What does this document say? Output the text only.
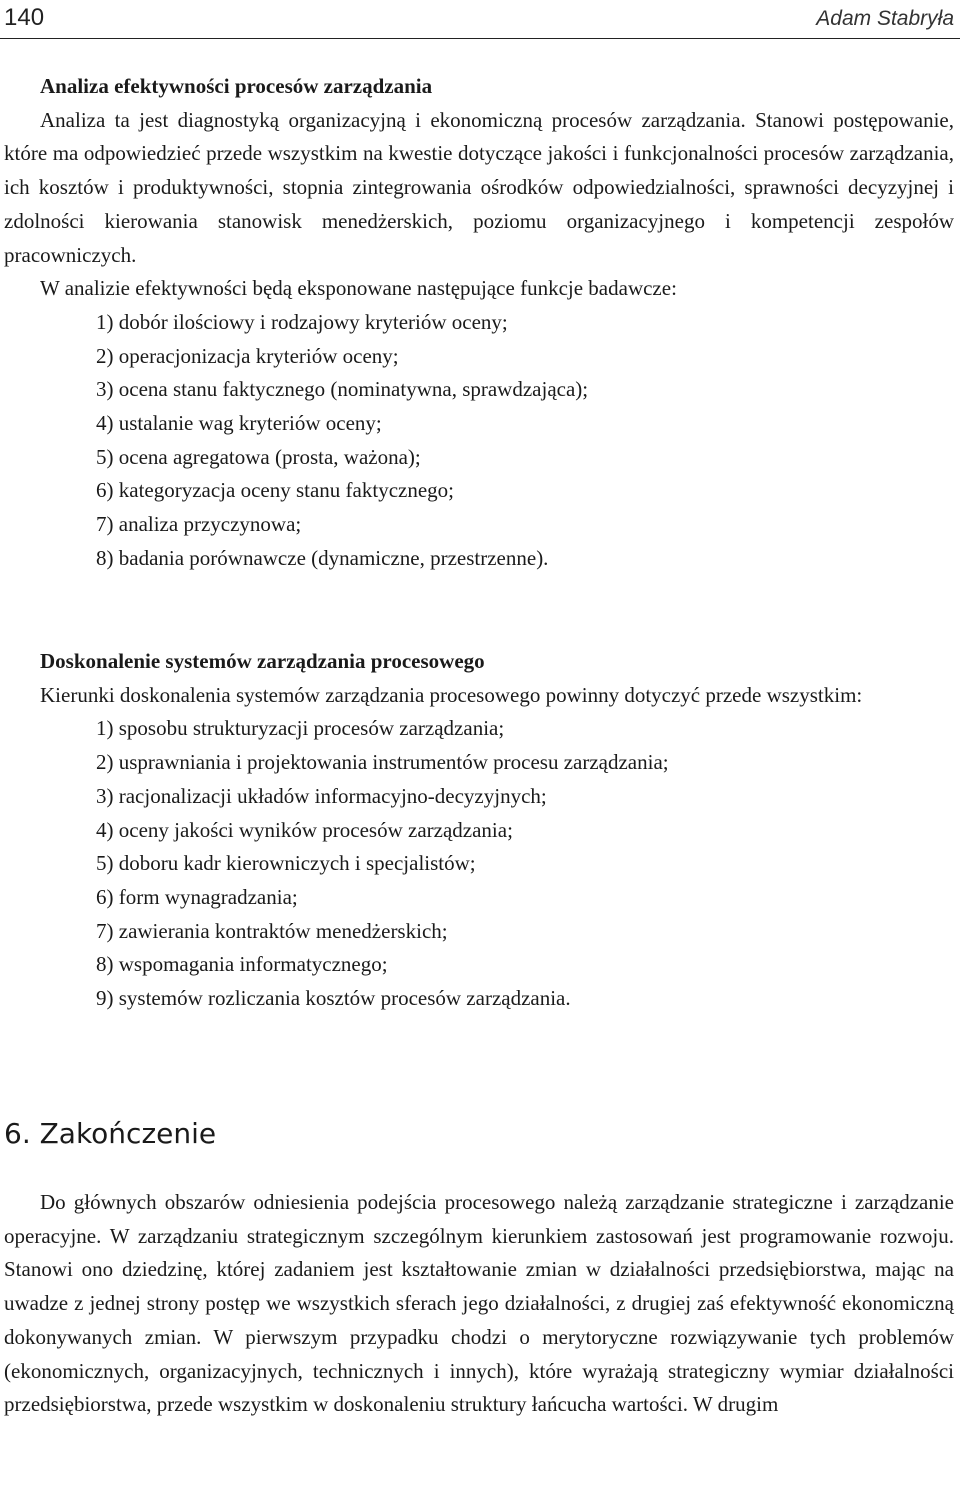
140	Adam Stabryła
Analiza efektywności procesów zarządzania

Analiza ta jest diagnostyką organizacyjną i ekonomiczną procesów zarządzania. Stanowi postępowanie, które ma odpowiedzieć przede wszystkim na kwestie dotyczące jakości i funkcjonalności procesów zarządzania, ich kosztów i produktywności, stopnia zintegrowania ośrodków odpowiedzialności, sprawności decyzyjnej i zdolności kierowania stanowisk menedżerskich, poziomu organizacyjnego i kompetencji zespołów pracowniczych.

W analizie efektywności będą eksponowane następujące funkcje badawcze:

1) dobór ilościowy i rodzajowy kryteriów oceny;
2) operacjonizacja kryteriów oceny;
3) ocena stanu faktycznego (nominatywna, sprawdzająca);
4) ustalanie wag kryteriów oceny;
5) ocena agregatowa (prosta, ważona);
6) kategoryzacja oceny stanu faktycznego;
7) analiza przyczynowa;
8) badania porównawcze (dynamiczne, przestrzenne).
Doskonalenie systemów zarządzania procesowego

Kierunki doskonalenia systemów zarządzania procesowego powinny dotyczyć przede wszystkim:

1) sposobu strukturyzacji procesów zarządzania;
2) usprawniania i projektowania instrumentów procesu zarządzania;
3) racjonalizacji układów informacyjno-decyzyjnych;
4) oceny jakości wyników procesów zarządzania;
5) doboru kadr kierowniczych i specjalistów;
6) form wynagradzania;
7) zawierania kontraktów menedżerskich;
8) wspomagania informatycznego;
9) systemów rozliczania kosztów procesów zarządzania.
6. Zakończenie

Do głównych obszarów odniesienia podejścia procesowego należą zarządzanie strategiczne i zarządzanie operacyjne. W zarządzaniu strategicznym szczególnym kierunkiem zastosowań jest programowanie rozwoju. Stanowi ono dziedzinę, której zadaniem jest kształtowanie zmian w działalności przedsiębiorstwa, mając na uwadze z jednej strony postęp we wszystkich sferach jego działalności, z drugiej zaś efektywność ekonomiczną dokonywanych zmian. W pierwszym przypadku chodzi o merytoryczne rozwiązywanie tych problemów (ekonomicznych, organizacyjnych, technicznych i innych), które wyrażają strategiczny wymiar działalności przedsiębiorstwa, przede wszystkim w doskonaleniu struktury łańcucha wartości. W drugim
